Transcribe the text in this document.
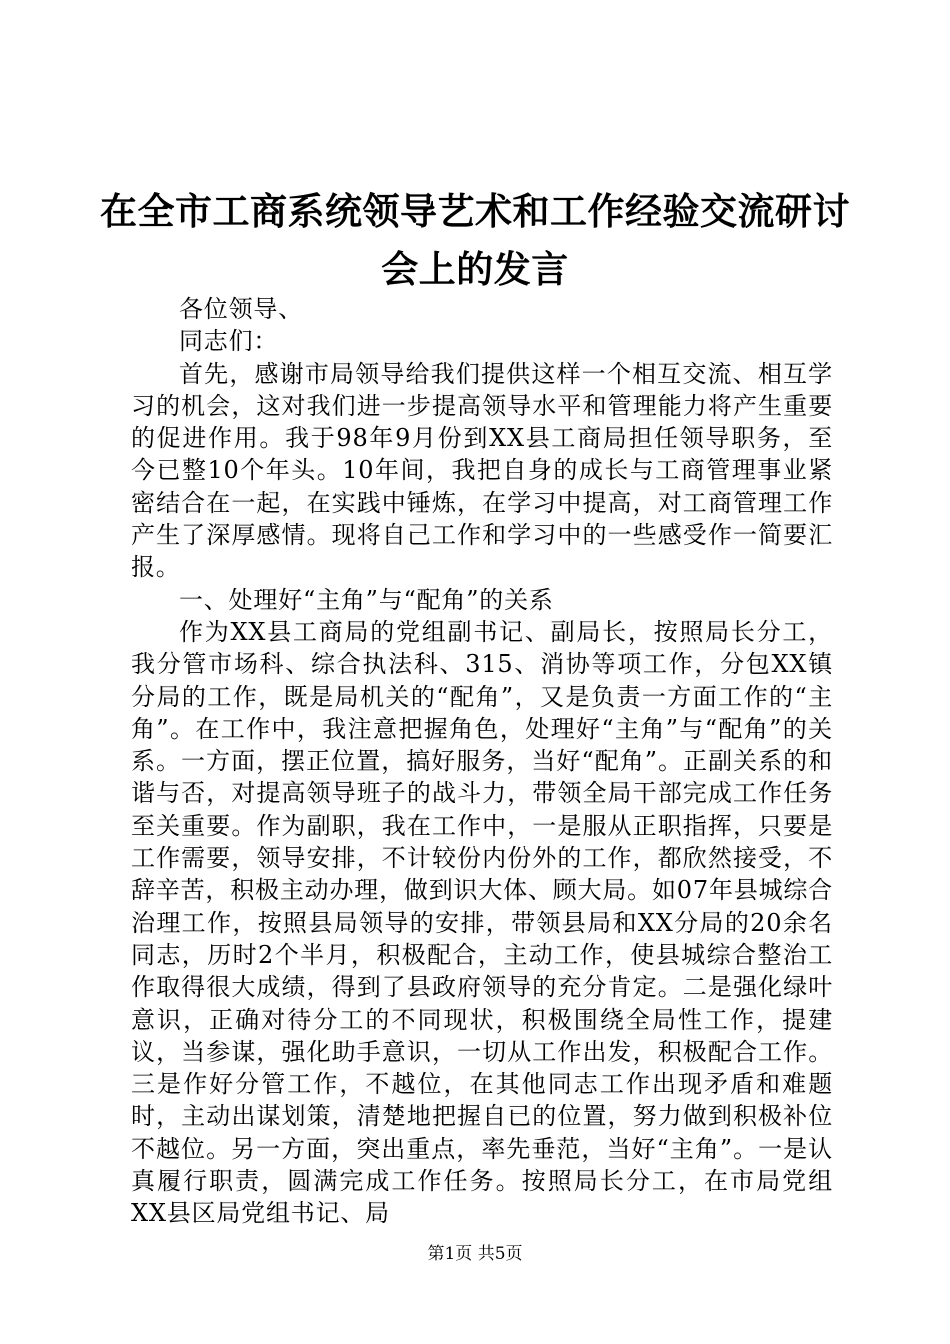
在全市工商系统领导艺术和工作经验交流研讨
会上的发言

各位领导、

同志们：

首先，感谢市局领导给我们提供这样一个相互交流、相互学习的机会，这对我们进一步提高领导水平和管理能力将产生重要的促进作用。我于98年9月份到XX县工商局担任领导职务，至今已整10个年头。10年间，我把自身的成长与工商管理事业紧密结合在一起，在实践中锤炼，在学习中提高，对工商管理工作产生了深厚感情。现将自己工作和学习中的一些感受作一简要汇报。

一、处理好“主角”与“配角”的关系

作为XX县工商局的党组副书记、副局长，按照局长分工，我分管市场科、综合执法科、315、消协等项工作，分包XX镇分局的工作，既是局机关的“配角”，又是负责一方面工作的“主角”。在工作中，我注意把握角色，处理好“主角”与“配角”的关系。一方面，摆正位置，搞好服务，当好“配角”。正副关系的和谐与否，对提高领导班子的战斗力，带领全局干部完成工作任务至关重要。作为副职，我在工作中，一是服从正职指挥，只要是工作需要，领导安排，不计较份内份外的工作，都欣然接受，不辞辛苦，积极主动办理，做到识大体、顾大局。如07年县城综合治理工作，按照县局领导的安排，带领县局和XX分局的20余名同志，历时2个半月，积极配合，主动工作，使县城综合整治工作取得很大成绩，得到了县政府领导的充分肯定。二是强化绿叶意识，正确对待分工的不同现状，积极围绕全局性工作，提建议，当参谋，强化助手意识，一切从工作出发，积极配合工作。三是作好分管工作，不越位，在其他同志工作出现矛盾和难题时，主动出谋划策，清楚地把握自已的位置，努力做到积极补位不越位。另一方面，突出重点，率先垂范，当好“主角”。一是认真履行职责，圆满完成工作任务。按照局长分工，在市局党组XX县区局党组书记、局

第1页 共5页
